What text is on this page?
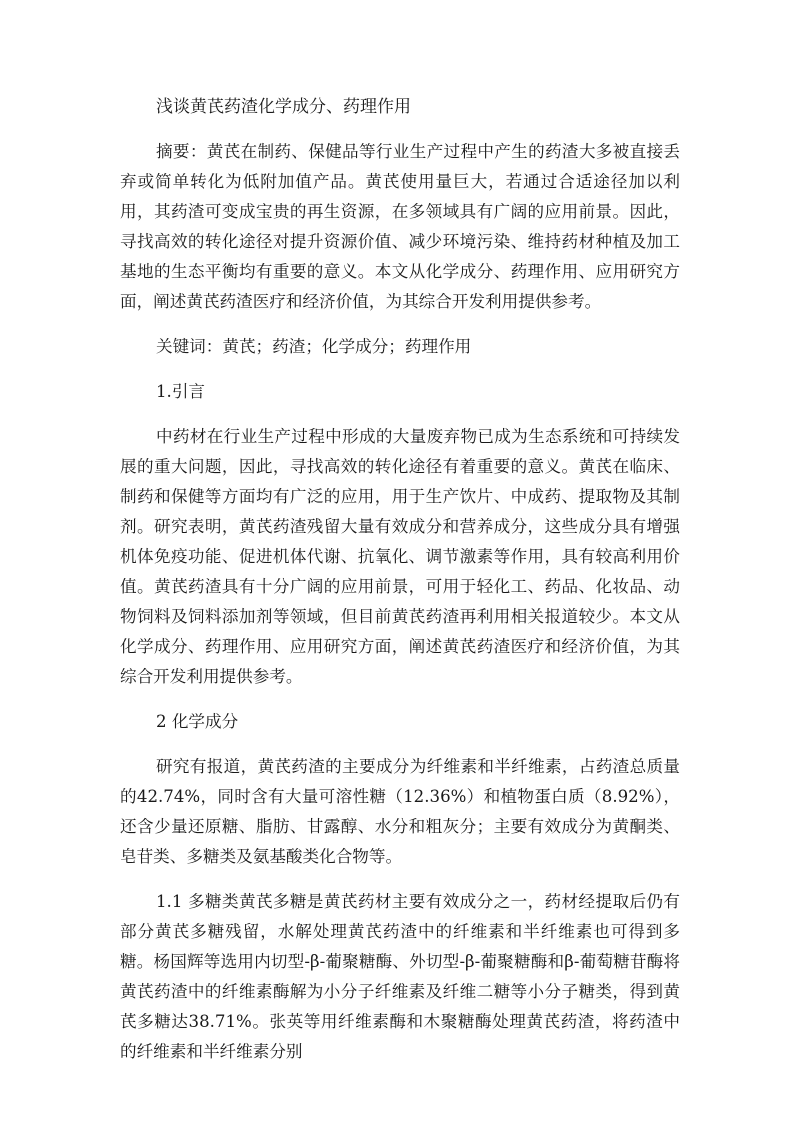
浅谈黄芪药渣化学成分、药理作用

摘要：黄芪在制药、保健品等行业生产过程中产生的药渣大多被直接丢弃或简单转化为低附加值产品。黄芪使用量巨大，若通过合适途径加以利用，其药渣可变成宝贵的再生资源，在多领域具有广阔的应用前景。因此，寻找高效的转化途径对提升资源价值、减少环境污染、维持药材种植及加工基地的生态平衡均有重要的意义。本文从化学成分、药理作用、应用研究方面，阐述黄芪药渣医疗和经济价值，为其综合开发利用提供参考。

关键词：黄芪；药渣；化学成分；药理作用

1.引言

中药材在行业生产过程中形成的大量废弃物已成为生态系统和可持续发展的重大问题，因此，寻找高效的转化途径有着重要的意义。黄芪在临床、制药和保健等方面均有广泛的应用，用于生产饮片、中成药、提取物及其制剂。研究表明，黄芪药渣残留大量有效成分和营养成分，这些成分具有增强机体免疫功能、促进机体代谢、抗氧化、调节激素等作用，具有较高利用价值。黄芪药渣具有十分广阔的应用前景，可用于轻化工、药品、化妆品、动物饲料及饲料添加剂等领域，但目前黄芪药渣再利用相关报道较少。本文从化学成分、药理作用、应用研究方面，阐述黄芪药渣医疗和经济价值，为其综合开发利用提供参考。

2 化学成分

研究有报道，黄芪药渣的主要成分为纤维素和半纤维素，占药渣总质量的42.74%，同时含有大量可溶性糖（12.36%）和植物蛋白质（8.92%），还含少量还原糖、脂肪、甘露醇、水分和粗灰分；主要有效成分为黄酮类、皂苷类、多糖类及氨基酸类化合物等。

1.1 多糖类黄芪多糖是黄芪药材主要有效成分之一，药材经提取后仍有部分黄芪多糖残留，水解处理黄芪药渣中的纤维素和半纤维素也可得到多糖。杨国辉等选用内切型-β-葡聚糖酶、外切型-β-葡聚糖酶和β-葡萄糖苷酶将黄芪药渣中的纤维素酶解为小分子纤维素及纤维二糖等小分子糖类，得到黄芪多糖达38.71%。张英等用纤维素酶和木聚糖酶处理黄芪药渣，将药渣中的纤维素和半纤维素分别
